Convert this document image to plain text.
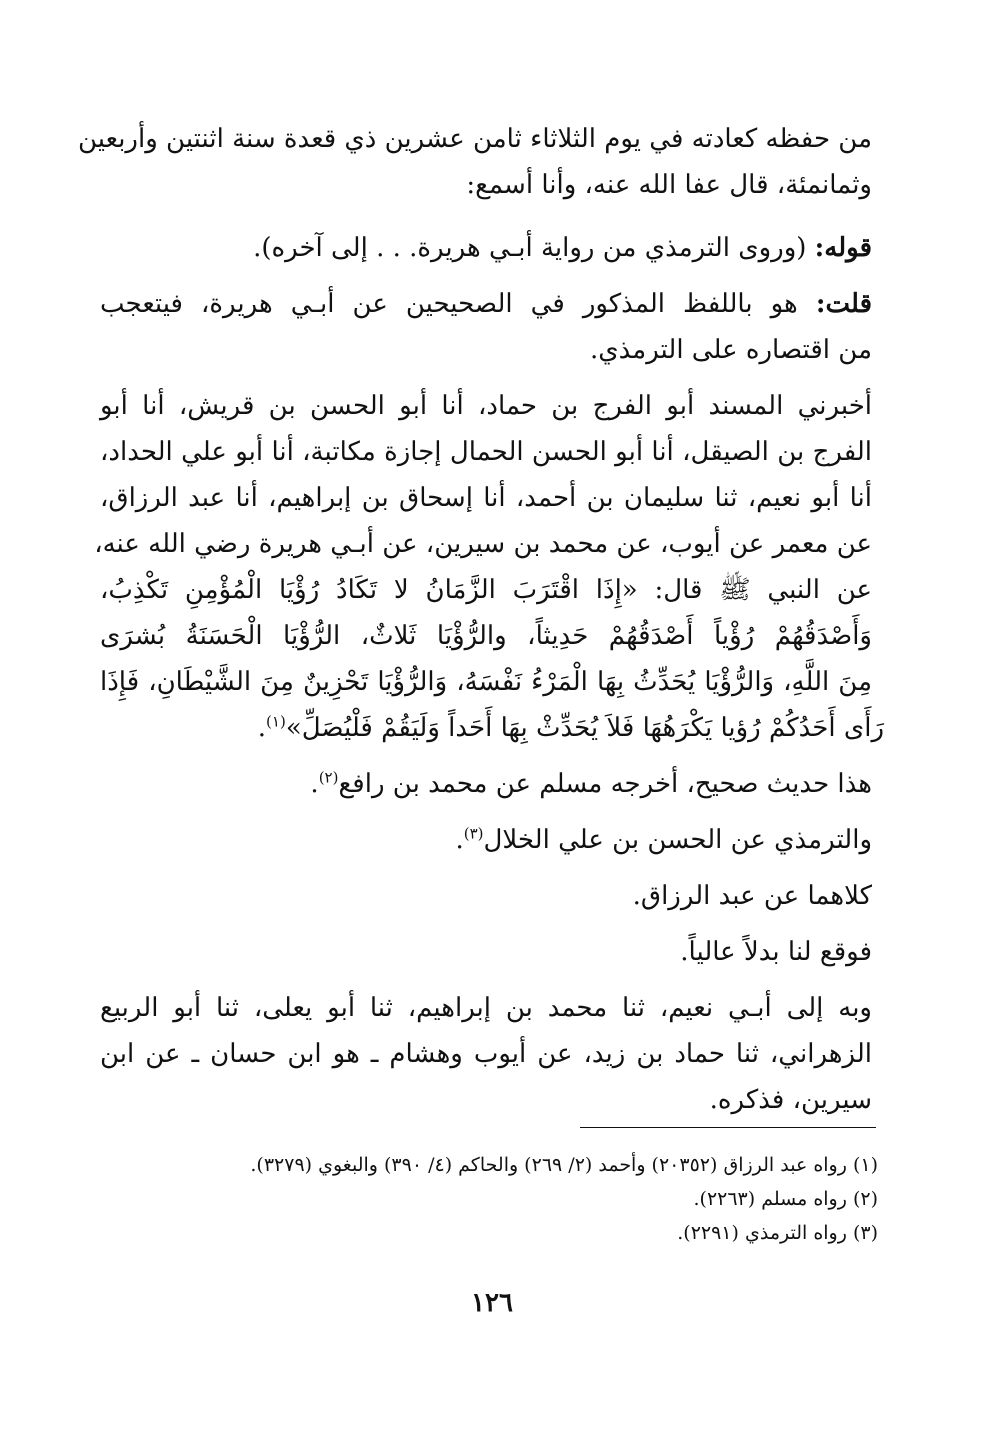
من حفظه كعادته في يوم الثلاثاء ثامن عشرين ذي قعدة سنة اثنتين وأربعين
وثمانمئة، قال عفا الله عنه، وأنا أسمع:
قوله: (وروى الترمذي من رواية أبـي هريرة. . . إلى آخره).
قلت: هو باللفظ المذكور في الصحيحين عن أبـي هريرة، فيتعجب
من اقتصاره على الترمذي.
أخبرني المسند أبو الفرج بن حماد، أنا أبو الحسن بن قريش، أنا أبو
الفرج بن الصيقل، أنا أبو الحسن الحمال إجازة مكاتبة، أنا أبو علي الحداد،
أنا أبو نعيم، ثنا سليمان بن أحمد، أنا إسحاق بن إبراهيم، أنا عبد الرزاق،
عن معمر عن أيوب، عن محمد بن سيرين، عن أبـي هريرة رضي الله عنه،
عن النبي ﷺ قال: «إِذَا اقْتَرَبَ الزَّمَانُ لا تَكَادُ رُؤْيَا الْمُؤْمِنِ تَكْذِبُ،
وَأَصْدَقُهُمْ رُؤْياً أَصْدَقُهُمْ حَدِيثاً، والرُّؤْيَا ثَلاثٌ، الرُّؤْيَا الْحَسَنَةُ بُشرَى
مِنَ اللَّهِ، وَالرُّؤْيَا يُحَدِّثُ بِهَا الْمَرْءُ نَفْسَهُ، وَالرُّؤْيَا تَحْزِينٌ مِنَ الشَّيْطَانِ، فَإِذَا
رَأَى أَحَدُكُمْ رُؤيا يَكْرَهُهَا فَلاَ يُحَدِّثْ بِهَا أَحَداً وَلَيَقُمْ فَلْيُصَلِّ»$^{(١)}$.
هذا حديث صحيح، أخرجه مسلم عن محمد بن رافع$^{(٢)}$.
والترمذي عن الحسن بن علي الخلال$^{(٣)}$.
كلاهما عن عبد الرزاق.
فوقع لنا بدلاً عالياً.
وبه إلى أبـي نعيم، ثنا محمد بن إبراهيم، ثنا أبو يعلى، ثنا أبو الربيع
الزهراني، ثنا حماد بن زيد، عن أيوب وهشام ـ هو ابن حسان ـ عن ابن
سيرين، فذكره.
(١) رواه عبد الرزاق (٢٠٣٥٢) وأحمد (٢/ ٢٦٩) والحاكم (٤/ ٣٩٠) والبغوي (٣٢٧٩).
(٢) رواه مسلم (٢٢٦٣).
(٣) رواه الترمذي (٢٢٩١).
١٢٦
